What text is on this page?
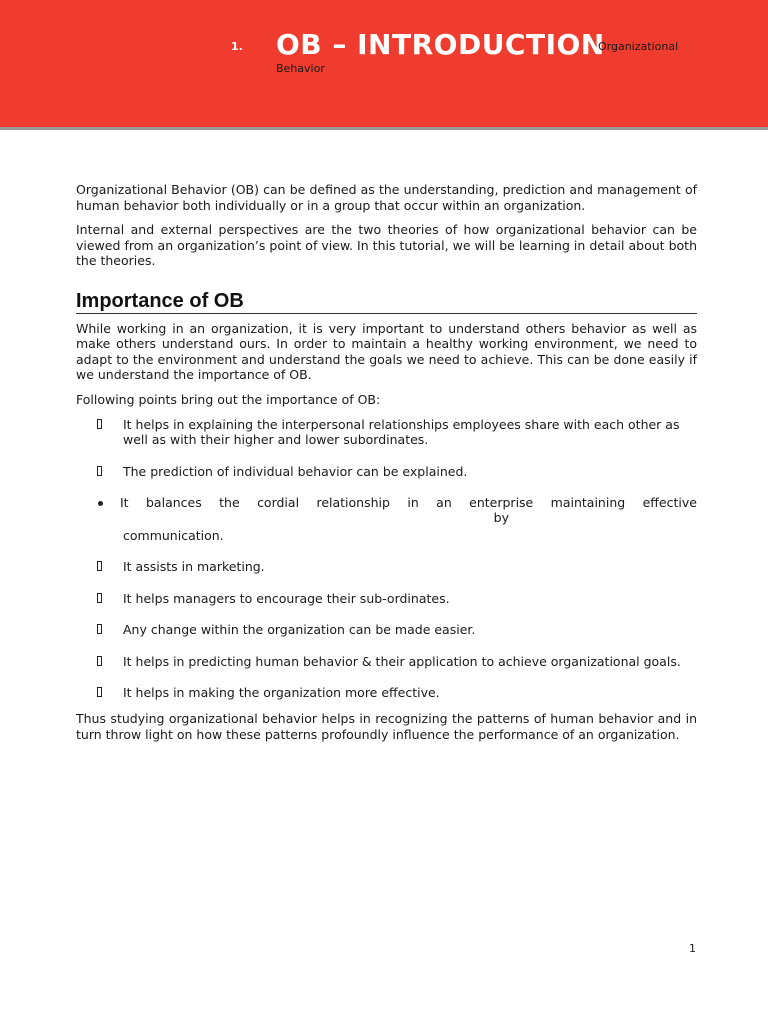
1. OB – INTRODUCTION
Organizational
Behavior

Organizational Behavior (OB) can be defined as the understanding, prediction and management of human behavior both individually or in a group that occur within an organization.

Internal and external perspectives are the two theories of how organizational behavior can be viewed from an organization’s point of view. In this tutorial, we will be learning in detail about both the theories.

Importance of OB

While working in an organization, it is very important to understand others behavior as well as make others understand ours. In order to maintain a healthy working environment, we need to adapt to the environment and understand the goals we need to achieve. This can be done easily if we understand the importance of OB.

Following points bring out the importance of OB:

It helps in explaining the interpersonal relationships employees share with each other as well as with their higher and lower subordinates.
The prediction of individual behavior can be explained.
It balances the cordial relationship in an enterprise maintaining effective
by
communication.
It assists in marketing.
It helps managers to encourage their sub-ordinates.
Any change within the organization can be made easier.
It helps in predicting human behavior & their application to achieve organizational goals.
It helps in making the organization more effective.

Thus studying organizational behavior helps in recognizing the patterns of human behavior and in turn throw light on how these patterns profoundly influence the performance of an organization.

1
